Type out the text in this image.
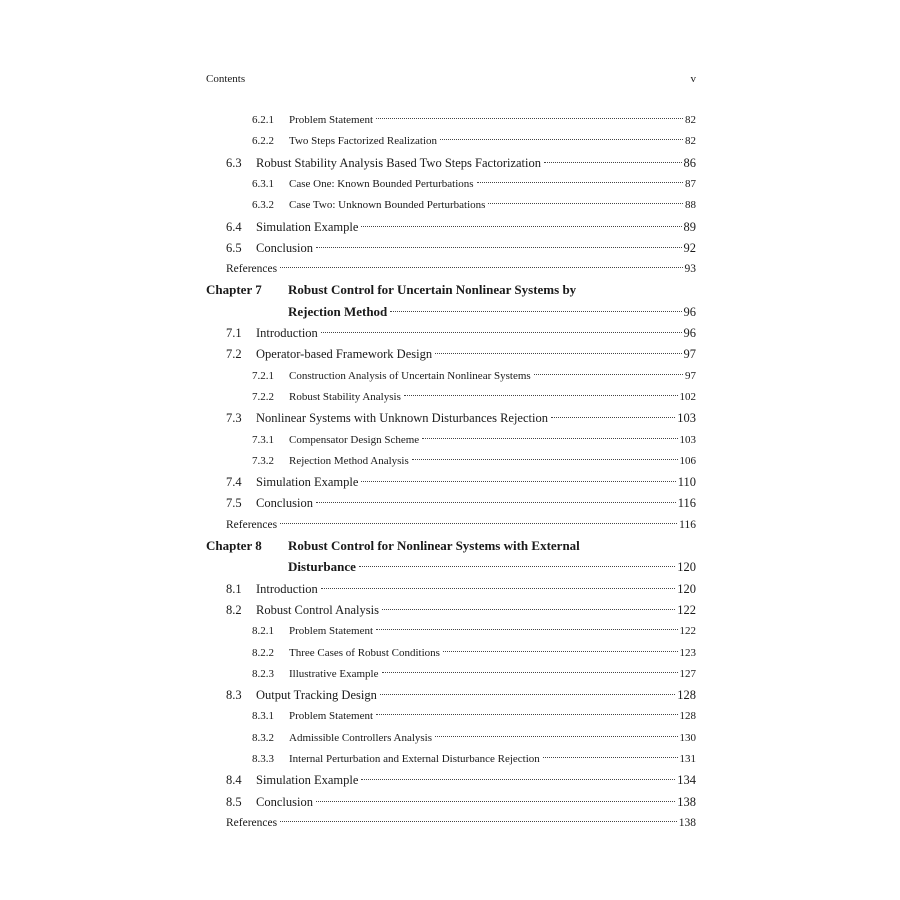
Contents	v
6.2.1	Problem Statement	82
6.2.2	Two Steps Factorized Realization	82
6.3	Robust Stability Analysis Based Two Steps Factorization	86
6.3.1	Case One: Known Bounded Perturbations	87
6.3.2	Case Two: Unknown Bounded Perturbations	88
6.4	Simulation Example	89
6.5	Conclusion	92
References	93
Chapter 7 Robust Control for Uncertain Nonlinear Systems by
Rejection Method	96
7.1	Introduction	96
7.2	Operator-based Framework Design	97
7.2.1	Construction Analysis of Uncertain Nonlinear Systems	97
7.2.2	Robust Stability Analysis	102
7.3	Nonlinear Systems with Unknown Disturbances Rejection	103
7.3.1	Compensator Design Scheme	103
7.3.2	Rejection Method Analysis	106
7.4	Simulation Example	110
7.5	Conclusion	116
References	116
Chapter 8 Robust Control for Nonlinear Systems with External
Disturbance	120
8.1	Introduction	120
8.2	Robust Control Analysis	122
8.2.1	Problem Statement	122
8.2.2	Three Cases of Robust Conditions	123
8.2.3	Illustrative Example	127
8.3	Output Tracking Design	128
8.3.1	Problem Statement	128
8.3.2	Admissible Controllers Analysis	130
8.3.3	Internal Perturbation and External Disturbance Rejection	131
8.4	Simulation Example	134
8.5	Conclusion	138
References	138
